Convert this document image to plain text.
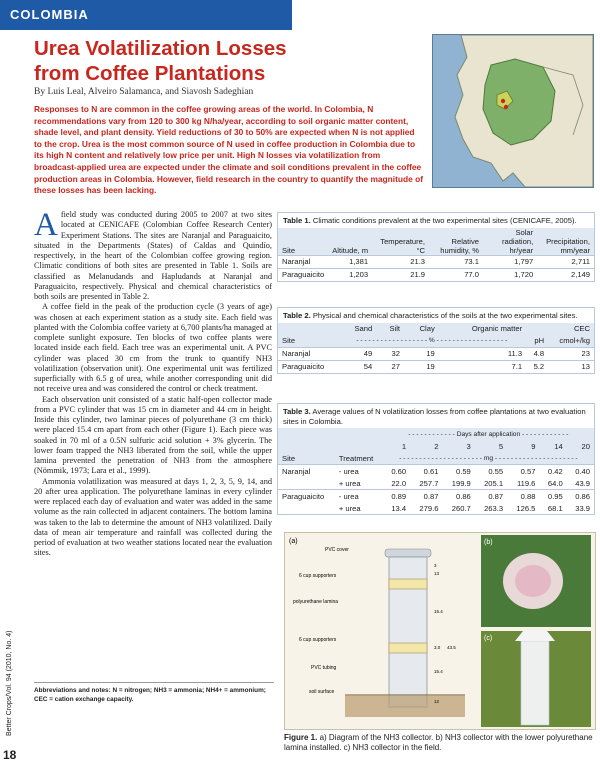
COLOMBIA
Urea Volatilization Losses
from Coffee Plantations
By Luis Leal, Alveiro Salamanca, and Siavosh Sadeghian
Responses to N are common in the coffee growing areas of the world. In Colombia, N recommendations vary from 120 to 300 kg N/ha/year, according to soil organic matter content, shade level, and plant density. Yield reductions of 30 to 50% are expected when N is not applied to the crop. Urea is the most common source of N used in coffee production in Colombia due to its high N content and relatively low price per unit. High N losses via volatilization from broadcast-applied urea are expected under the climate and soil conditions prevalent in the coffee production areas in Colombia. However, field research in the country to quantify the magnitude of these losses has been lacking.

Afield study was conducted during 2005 to 2007 at two sites located at CENICAFE (Colombian Coffee Research Center) Experiment Stations. The sites are Naranjal and Paraguaicito, situated in the Departments (States) of Caldas and Quindío, respectively, in the heart of the Colombian coffee growing region. Climatic conditions of both sites are presented in Table 1. Soils are classified as Melanudands and Hapludands at Naranjal and Paraguaicito, respectively. Physical and chemical characteristics of both soils are presented in Table 2.

A coffee field in the peak of the production cycle (3 years of age) was chosen at each experiment station as a study site. Each field was planted with the Colombia coffee variety at 6,700 plants/ha managed at complete sunlight exposure. Ten blocks of two coffee plants were located inside each field. Each tree was an experimental unit. A PVC cylinder was placed 30 cm from the trunk to quantify NH3 volatilization (observation unit). One experimental unit was fertilized superficially with 6.5 g of urea, while another corresponding unit did not receive urea and was considered the control or check treatment.

Each observation unit consisted of a static half-open collector made from a PVC cylinder that was 15 cm in diameter and 44 cm in height. Inside this cylinder, two laminar pieces of polyurethane (3 cm thick) were placed 15.4 cm apart from each other (Figure 1). Each piece was soaked in 70 ml of a 0.5N sulfuric acid solution + 3% glycerin. The lower foam trapped the NH3 liberated from the soil, while the upper lamina prevented the penetration of NH3 from the atmosphere (Nömmik, 1973; Lara et al., 1999).

Ammonia volatilization was measured at days 1, 2, 3, 5, 9, 14, and 20 after urea application. The polyurethane laminas in every cylinder were replaced each day of evaluation and water was added in the same volume as the rain collected in adjacent containers. The bottom lamina was taken to the lab to determine the amount of NH3 volatilized. Daily data of mean air temperature and rainfall was collected during the period of evaluation at two weather stations located near the evaluation sites.

Abbreviations and notes: N = nitrogen; NH3 = ammonia; NH4+ = ammonium; CEC = cation exchange capacity.
Better Crops/Vol. 94 (2010, No. 4)
18
Table 1. Climatic conditions prevalent at the two experimental sites (CENICAFE, 2005).
Site	Altitude, m	Temperature, °C	Relative humidity, %	Solar radiation, hr/year	Precipitation, mm/year
Naranjal	1,381	21.3	73.1	1,797	2,711
Paraguaicito	1,203	21.9	77.0	1,720	2,149
Table 2. Physical and chemical characteristics of the soils at the two experimental sites.
	Sand	Silt	Clay	Organic matter		CEC
Site	- - - - - - - - - - - - - - - - - - % - - - - - - - - - - - - - - - - - -				pH	cmol+/kg
Naranjal	49	32	19	11.3	4.8	23
Paraguaicito	54	27	19	7.1	5.2	13
Table 3. Average values of N volatilization losses from coffee plantations at two evaluation sites in Colombia.
		- - - - - - - - - - - - Days after application - - - - - - - - - - - -						
		1	2	3	5	9	14	20
Site	Treatment	- - - - - - - - - - - - - - - - - - - - - mg - - - - - - - - - - - - - - - - - - - - -						
Naranjal	- urea	0.60	0.61	0.59	0.55	0.57	0.42	0.40
	+ urea	22.0	257.7	199.9	205.1	119.6	64.0	43.9
Paraguaicito	- urea	0.89	0.87	0.86	0.87	0.88	0.95	0.86
	+ urea	13.4	279.6	260.7	263.3	126.5	68.1	33.9
(a)
PVC cover
6 cup supporters
polyurethane lamina
6 cup supporters
PVC tubing
soil surface
3
13
15.4
3.0 43.5
15.4
12
(b)
(c)
Figure 1. a) Diagram of the NH3 collector. b) NH3 collector with the lower polyurethane lamina installed. c) NH3 collector in the field.
